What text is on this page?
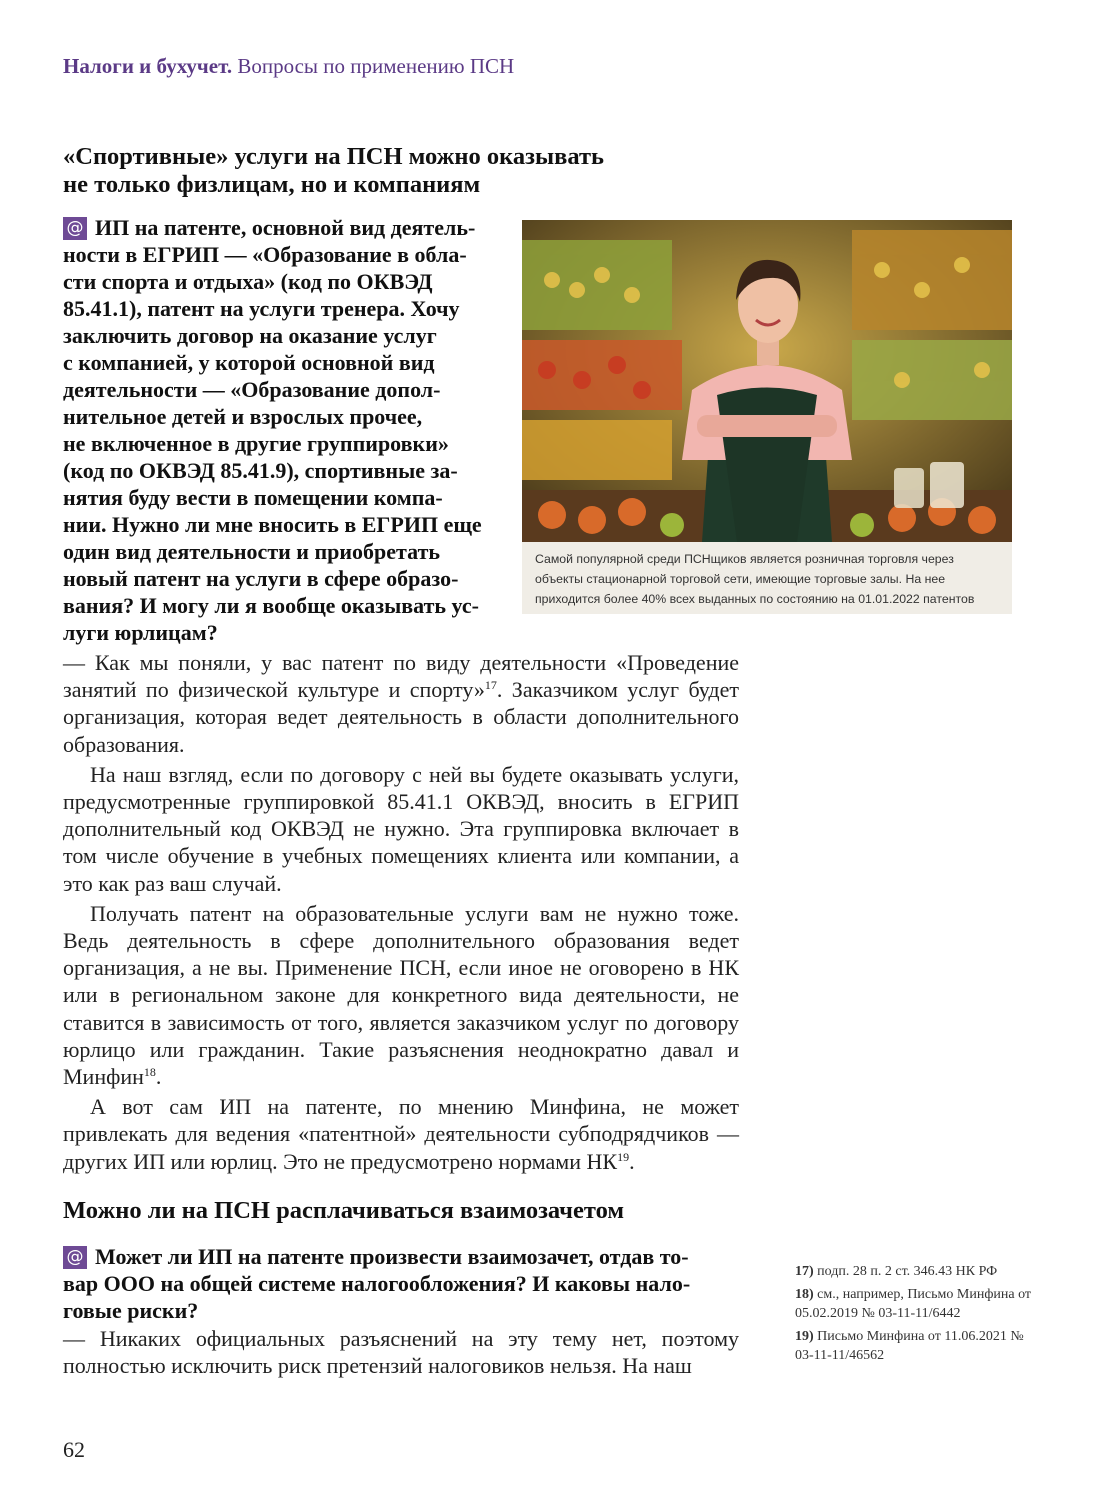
Налоги и бухучет. Вопросы по применению ПСН
«Спортивные» услуги на ПСН можно оказывать
не только физлицам, но и компаниям
@ ИП на патенте, основной вид деятель-
ности в ЕГРИП — «Образование в обла-
сти спорта и отдыха» (код по ОКВЭД
85.41.1), патент на услуги тренера. Хочу
заключить договор на оказание услуг
с компанией, у которой основной вид
деятельности — «Образование допол-
нительное детей и взрослых прочее,
не включенное в другие группировки»
(код по ОКВЭД 85.41.9), спортивные за-
нятия буду вести в помещении компа-
нии. Нужно ли мне вносить в ЕГРИП еще
один вид деятельности и приобретать
новый патент на услуги в сфере образо-
вания? И могу ли я вообще оказывать ус-
луги юрлицам?
Самой популярной среди ПСНщиков является розничная торговля через объекты стационарной торговой сети, имеющие торговые залы. На нее приходится более 40% всех выданных по состоянию на 01.01.2022 патентов

— Как мы поняли, у вас патент по виду деятельности «Проведение занятий по физической культуре и спорту»$^{17}$. Заказчиком услуг будет организация, которая ведет деятельность в области дополнительного образования.

На наш взгляд, если по договору с ней вы будете оказывать услуги, предусмотренные группировкой 85.41.1 ОКВЭД, вносить в ЕГРИП дополнительный код ОКВЭД не нужно. Эта группировка включает в том числе обучение в учебных помещениях клиента или компании, а это как раз ваш случай.

Получать патент на образовательные услуги вам не нужно тоже. Ведь деятельность в сфере дополнительного образования ведет организация, а не вы. Применение ПСН, если иное не оговорено в НК или в региональном законе для конкретного вида деятельности, не ставится в зависимость от того, является заказчиком услуг по договору юрлицо или гражданин. Такие разъяснения неоднократно давал и Минфин$^{18}$.

А вот сам ИП на патенте, по мнению Минфина, не может привлекать для ведения «патентной» деятельности субподрядчиков — других ИП или юрлиц. Это не предусмотрено нормами НК$^{19}$.

Можно ли на ПСН расплачиваться взаимозачетом
@ Может ли ИП на патенте произвести взаимозачет, отдав то-
вар ООО на общей системе налогообложения? И каковы нало-
говые риски?

— Никаких официальных разъяснений на эту тему нет, поэтому полностью исключить риск претензий налоговиков нельзя. На наш

17) подп. 28 п. 2 ст. 346.43 НК РФ
18) см., например, Письмо Минфина от 05.02.2019 № 03-11-11/6442
19) Письмо Минфина от 11.06.2021 № 03-11-11/46562
62
